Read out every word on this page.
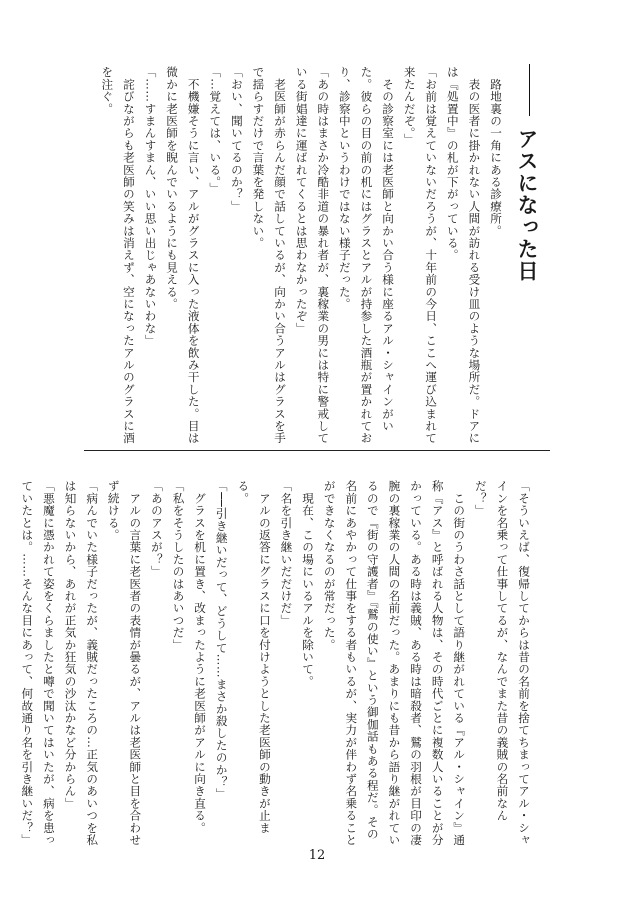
アスになった日

　路地裏の一角にある診療所。

　表の医者に掛かれない人間が訪れる受け皿のような場所だ。ドアには『処置中』の札が下がっている。

「お前は覚えていないだろうが、十年前の今日、ここへ運び込まれて来たんだぞ。」

　その診察室には老医師と向かい合う様に座るアル・シャインがいた。彼らの目の前の机にはグラスとアルが持参した酒瓶が置かれており、診察中というわけではない様子だった。

「あの時はまさか冷酷非道の暴れ者が、裏稼業の男には特に警戒している街娼達に運ばれてくるとは思わなかったぞ」

　老医師が赤らんだ顔で話しているが、向かい合うアルはグラスを手で揺らすだけで言葉を発しない。

「おい、聞いてるのか？」

「…覚えては、いる。」

　不機嫌そうに言い、アルがグラスに入った液体を飲み干した。目は微かに老医師を睨んでいるようにも見える。

「……すまんすまん、いい思い出じゃあないわな」

　詫びながらも老医師の笑みは消えず、空になったアルのグラスに酒を注ぐ。

「そういえば、復帰してからは昔の名前を捨てちまってアル・シャインを名乗って仕事してるが、なんでまた昔の義賊の名前なんだ？」

　この街のうわさ話として語り継がれている『アル・シャイン』通称『アス』と呼ばれる人物は、その時代ごとに複数人いることが分かっている。ある時は義賊、ある時は暗殺者、鷲の羽根が目印の凄腕の裏稼業の人間の名前だった。あまりにも昔から語り継がれているので『街の守護者』『鷲の使い』という御伽話もある程だ。その名前にあやかって仕事をする者もいるが、実力が伴わず名乗ることができなくなるのが常だった。

　現在、この場にいるアルを除いて。

「名を引き継いだだけだ」

　アルの返答にグラスに口を付けようとした老医師の動きが止まる。

「──引き継いだって、どうして……まさか殺したのか？」

　グラスを机に置き、改まったように老医師がアルに向き直る。

「私をそうしたのはあいつだ」

「あのアスが？」

　アルの言葉に老医者の表情が曇るが、アルは老医師と目を合わせず続ける。

「病んでいた様子だったが、義賊だったころの…正気のあいつを私は知らないから、あれが正気か狂気の沙汰かなど分からん」

「悪魔に憑かれて姿をくらましたと噂で聞いてはいたが、病を患っていたとは。……そんな目にあって、何故通り名を引き継いだ？」

12
